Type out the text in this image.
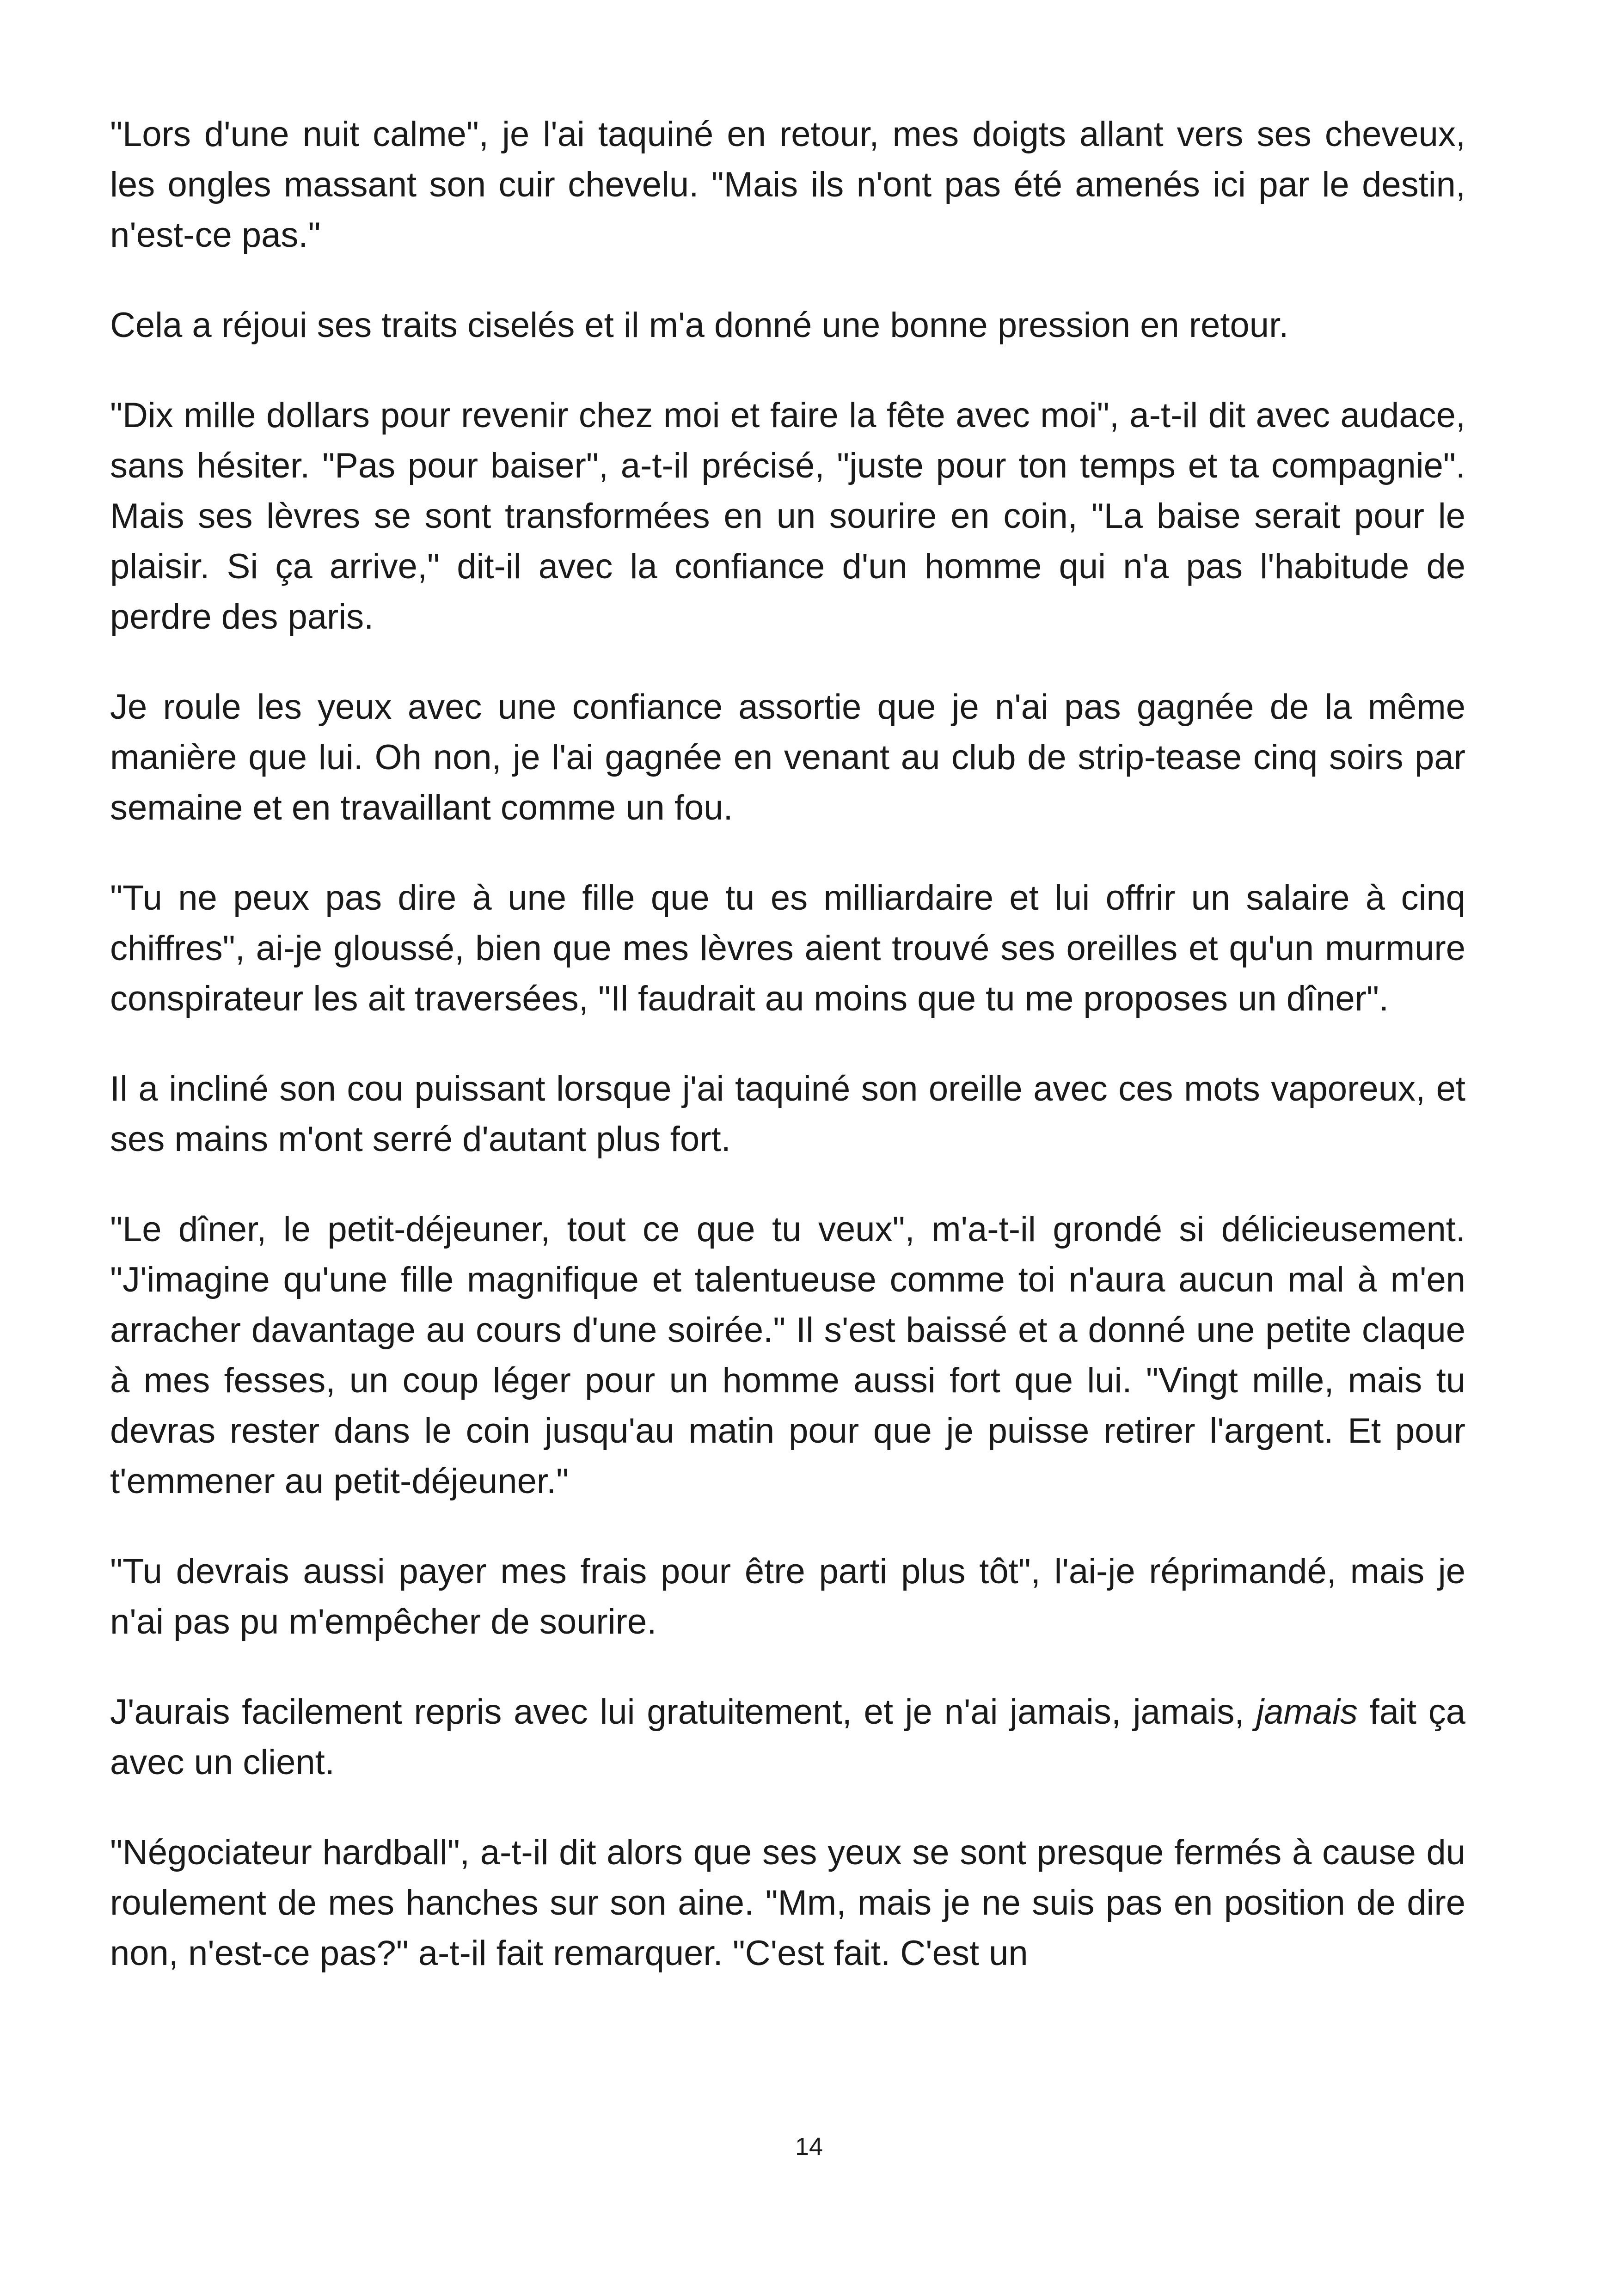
"Lors d'une nuit calme", je l'ai taquiné en retour, mes doigts allant vers ses cheveux, les ongles massant son cuir chevelu. "Mais ils n'ont pas été amenés ici par le destin, n'est-ce pas."

Cela a réjoui ses traits ciselés et il m'a donné une bonne pression en retour.

"Dix mille dollars pour revenir chez moi et faire la fête avec moi", a-t-il dit avec audace, sans hésiter. "Pas pour baiser", a-t-il précisé, "juste pour ton temps et ta compagnie". Mais ses lèvres se sont transformées en un sourire en coin, "La baise serait pour le plaisir. Si ça arrive," dit-il avec la confiance d'un homme qui n'a pas l'habitude de perdre des paris.

Je roule les yeux avec une confiance assortie que je n'ai pas gagnée de la même manière que lui. Oh non, je l'ai gagnée en venant au club de strip-tease cinq soirs par semaine et en travaillant comme un fou.

"Tu ne peux pas dire à une fille que tu es milliardaire et lui offrir un salaire à cinq chiffres", ai-je gloussé, bien que mes lèvres aient trouvé ses oreilles et qu'un murmure conspirateur les ait traversées, "Il faudrait au moins que tu me proposes un dîner".

Il a incliné son cou puissant lorsque j'ai taquiné son oreille avec ces mots vaporeux, et ses mains m'ont serré d'autant plus fort.

"Le dîner, le petit-déjeuner, tout ce que tu veux", m'a-t-il grondé si délicieusement. "J'imagine qu'une fille magnifique et talentueuse comme toi n'aura aucun mal à m'en arracher davantage au cours d'une soirée." Il s'est baissé et a donné une petite claque à mes fesses, un coup léger pour un homme aussi fort que lui. "Vingt mille, mais tu devras rester dans le coin jusqu'au matin pour que je puisse retirer l'argent. Et pour t'emmener au petit-déjeuner."

"Tu devrais aussi payer mes frais pour être parti plus tôt", l'ai-je réprimandé, mais je n'ai pas pu m'empêcher de sourire.

J'aurais facilement repris avec lui gratuitement, et je n'ai jamais, jamais, jamais fait ça avec un client.

"Négociateur hardball", a-t-il dit alors que ses yeux se sont presque fermés à cause du roulement de mes hanches sur son aine. "Mm, mais je ne suis pas en position de dire non, n'est-ce pas?" a-t-il fait remarquer. "C'est fait. C'est un

14
